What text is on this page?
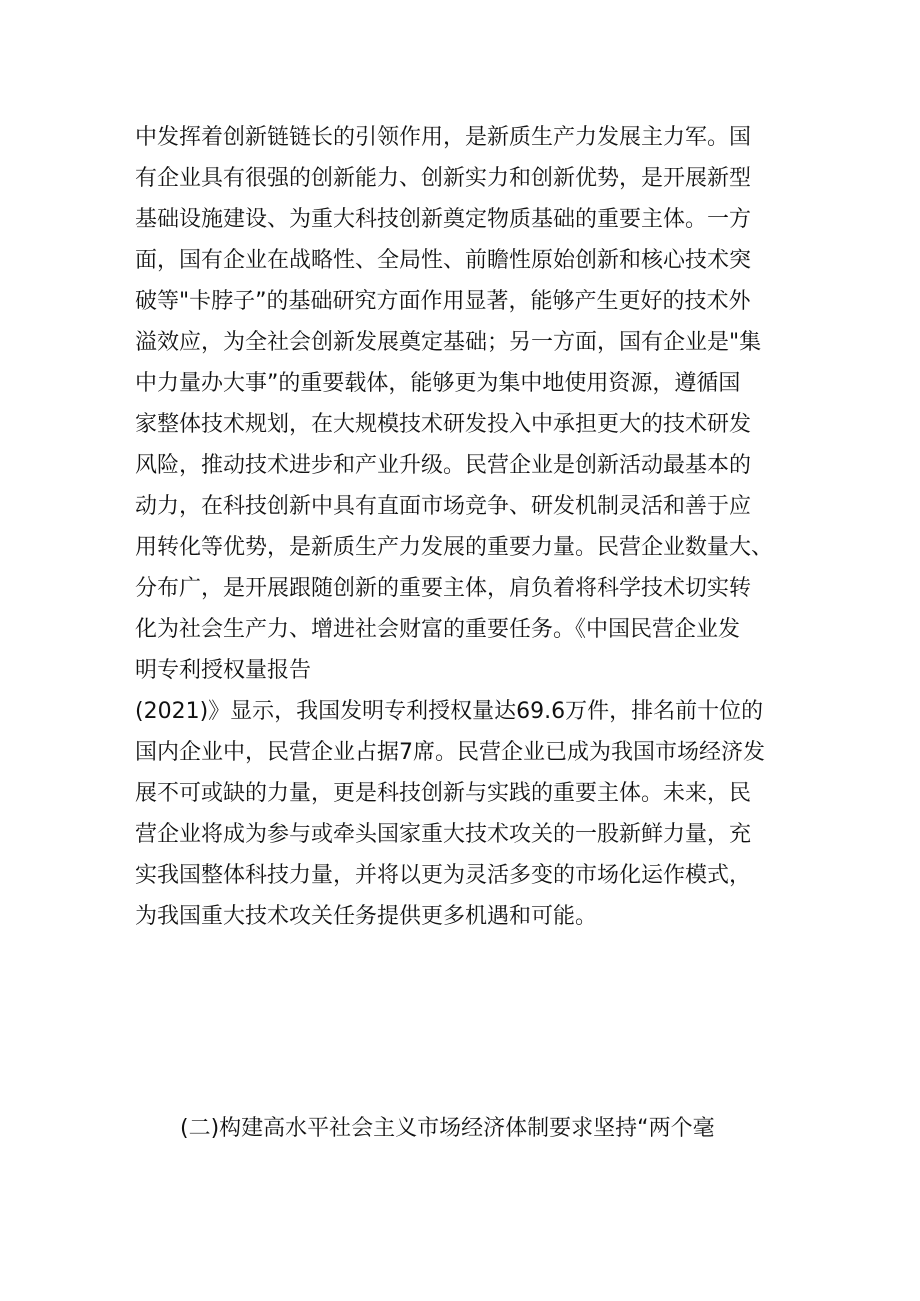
中发挥着创新链链长的引领作用，是新质生产力发展主力军。国
有企业具有很强的创新能力、创新实力和创新优势，是开展新型
基础设施建设、为重大科技创新奠定物质基础的重要主体。一方
面，国有企业在战略性、全局性、前瞻性原始创新和核心技术突
破等"卡脖子”的基础研究方面作用显著，能够产生更好的技术外
溢效应，为全社会创新发展奠定基础；另一方面，国有企业是"集
中力量办大事”的重要载体，能够更为集中地使用资源，遵循国
家整体技术规划，在大规模技术研发投入中承担更大的技术研发
风险，推动技术进步和产业升级。民营企业是创新活动最基本的
动力，在科技创新中具有直面市场竞争、研发机制灵活和善于应
用转化等优势，是新质生产力发展的重要力量。民营企业数量大、
分布广，是开展跟随创新的重要主体，肩负着将科学技术切实转
化为社会生产力、增进社会财富的重要任务。《中国民营企业发
明专利授权量报告
(2021)》显示，我国发明专利授权量达69.6万件，排名前十位的
国内企业中，民营企业占据7席。民营企业已成为我国市场经济发
展不可或缺的力量，更是科技创新与实践的重要主体。未来，民
营企业将成为参与或牵头国家重大技术攻关的一股新鲜力量，充
实我国整体科技力量，并将以更为灵活多变的市场化运作模式，
为我国重大技术攻关任务提供更多机遇和可能。
(二)构建高水平社会主义市场经济体制要求坚持“两个毫
